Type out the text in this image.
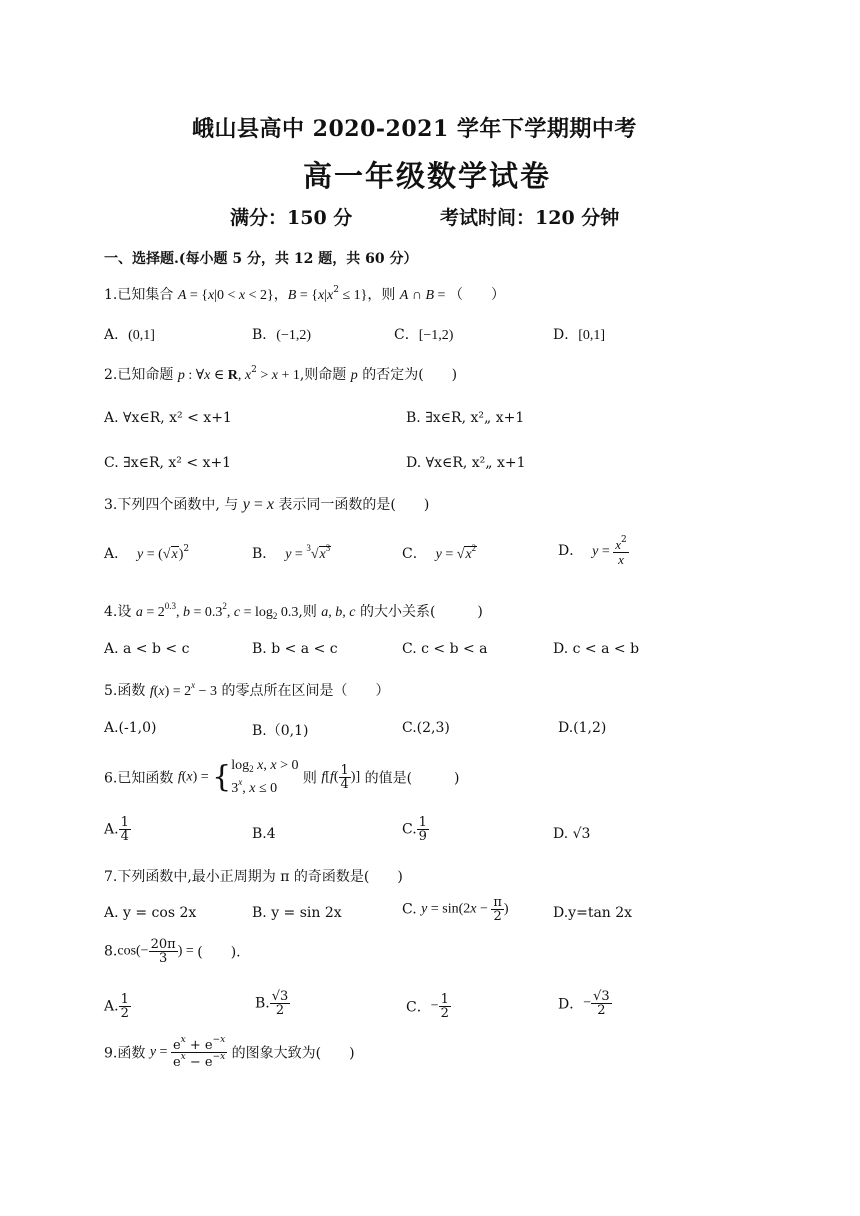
峨山县高中 2020-2021 学年下学期期中考
高一年级数学试卷
满分：150 分	考试时间：120 分钟
一、选择题.(每小题 5 分，共 12 题，共 60 分）
1.已知集合 A = {x|0 < x < 2}，$B = \{x|x^2 \le 1\}$，则 A ∩ B = （　　）
A．(0,1]	B．(−1,2)	C．[−1,2)	D．[0,1]
2.已知命题 p : ∀x ∈ R, $x^2 > x + 1$,则命题 p 的否定为(　　)
A. ∀x∈R, x² < x+1	B. ∃x∈R, x²„ x+1
C. ∃x∈R, x² < x+1	D. ∀x∈R, x²„ x+1
3.下列四个函数中, 与 y = x 表示同一函数的是(　　)
A． $y = (√x)^2$	B． $y = ^3√x^3$	C． $y = √x^2$	D． $y = \frac{x^2}{x}$
4.设 $a = 2^{0.3}$, $b = 0.3^2$, $c = \log_2 0.3$,则 a, b, c 的大小关系(　　　)
A. a < b < c	B. b < a < c	C. c < b < a	D. c < a < b
5.函数 $f(x) = 2^x - 3$ 的零点所在区间是（　　）
A.(-1,0)	B.（0,1)	C.(2,3)	D.(1,2)
6.已知函数 $f(x) = \{\log_2$ x, x > 0
3$^x$, x ≤ 0 则 $f[f( \frac{1}{4}$ )] 的值是(　　　)
A. $\frac{1}{4}$	B.4	C. $\frac{1}{9}$	D. √3
7.下列函数中,最小正周期为 π 的奇函数是(　　)
A. y = cos 2x	B. y = sin 2x	C. $y = \sin(2x - \frac{\pi}{2}$ )	D.y=tan 2x
$8.\cos(- \frac{20\pi}{3}$ ) = (　　).
A. $\frac{1}{2}$	B. $\frac{√3}{2}$	C．− $\frac{1}{2}$	D．− $\frac{√3}{2}$
9.函数 $y = \frac{e^x + e^{-x}}{e^x - e^{-x}}$ 的图象大致为(　　)
